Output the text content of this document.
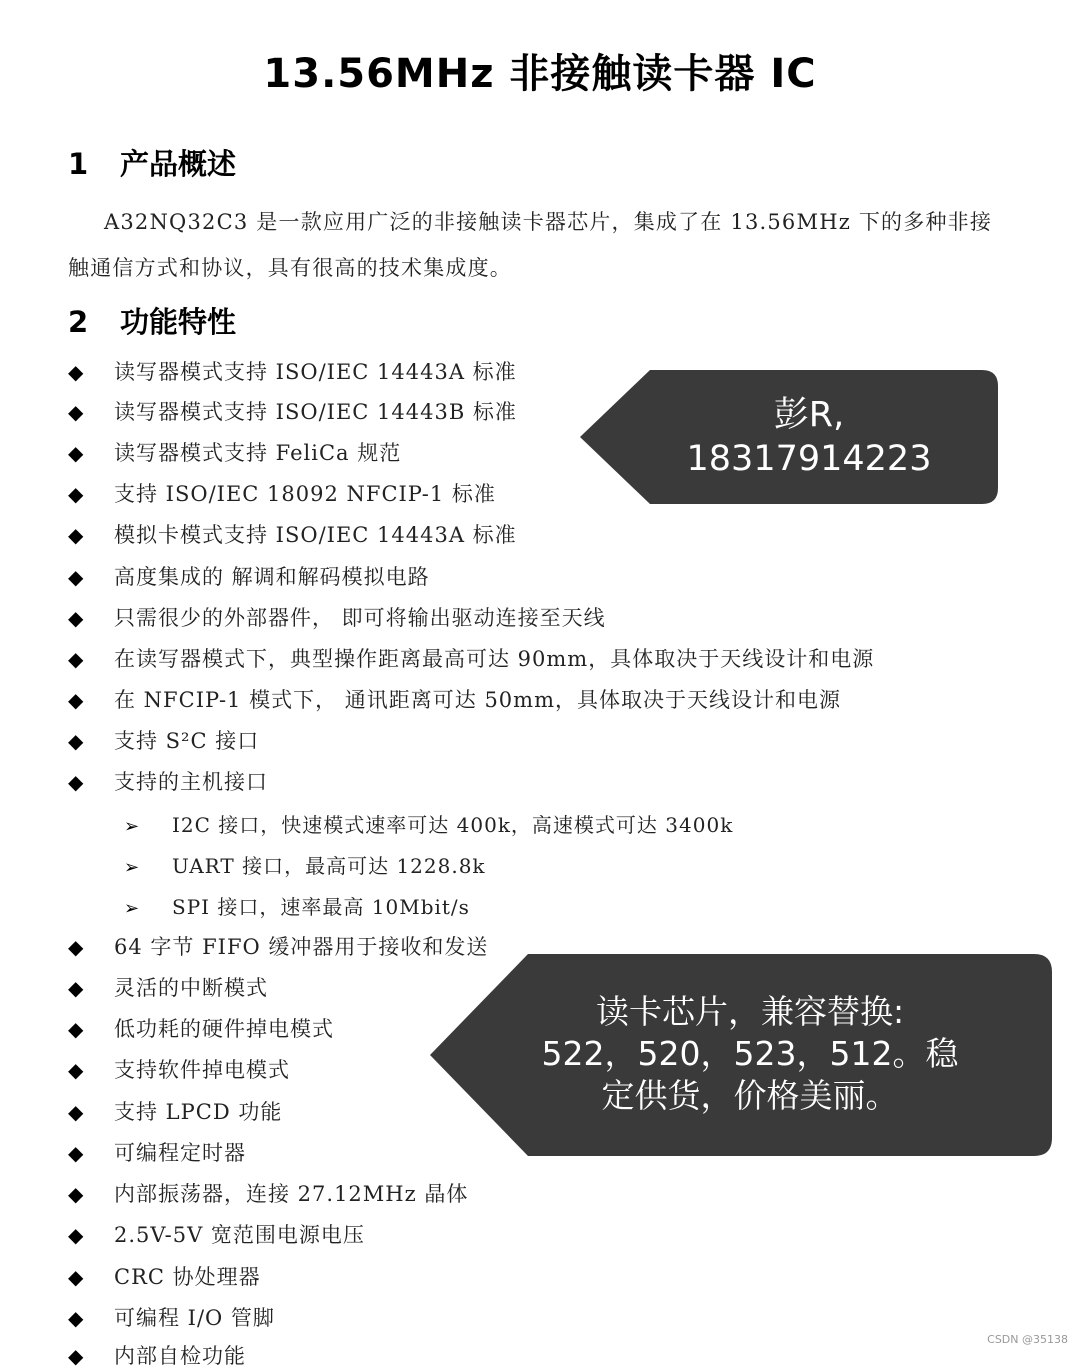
13.56MHz 非接触读卡器 IC
1 产品概述
A32NQ32C3 是一款应用广泛的非接触读卡器芯片，集成了在 13.56MHz 下的多种非接
触通信方式和协议，具有很高的技术集成度。
2 功能特性
◆ 读写器模式支持 ISO/IEC 14443A 标准
◆ 读写器模式支持 ISO/IEC 14443B 标准
◆ 读写器模式支持 FeliCa 规范
◆ 支持 ISO/IEC 18092 NFCIP-1 标准
◆ 模拟卡模式支持 ISO/IEC 14443A 标准
◆ 高度集成的 解调和解码模拟电路
◆ 只需很少的外部器件， 即可将输出驱动连接至天线
◆ 在读写器模式下，典型操作距离最高可达 90mm，具体取决于天线设计和电源
◆ 在 NFCIP-1 模式下， 通讯距离可达 50mm，具体取决于天线设计和电源
◆ 支持 S²C 接口
◆ 支持的主机接口
➢ I2C 接口，快速模式速率可达 400k，高速模式可达 3400k
➢ UART 接口，最高可达 1228.8k
➢ SPI 接口，速率最高 10Mbit/s
◆ 64 字节 FIFO 缓冲器用于接收和发送
◆ 灵活的中断模式
◆ 低功耗的硬件掉电模式
◆ 支持软件掉电模式
◆ 支持 LPCD 功能
◆ 可编程定时器
◆ 内部振荡器，连接 27.12MHz 晶体
◆ 2.5V-5V 宽范围电源电压
◆ CRC 协处理器
◆ 可编程 I/O 管脚
◆ 内部自检功能
彭R,
18317914223
读卡芯片，兼容替换:
522，520，523，512。稳
定供货，价格美丽。
CSDN @35138
